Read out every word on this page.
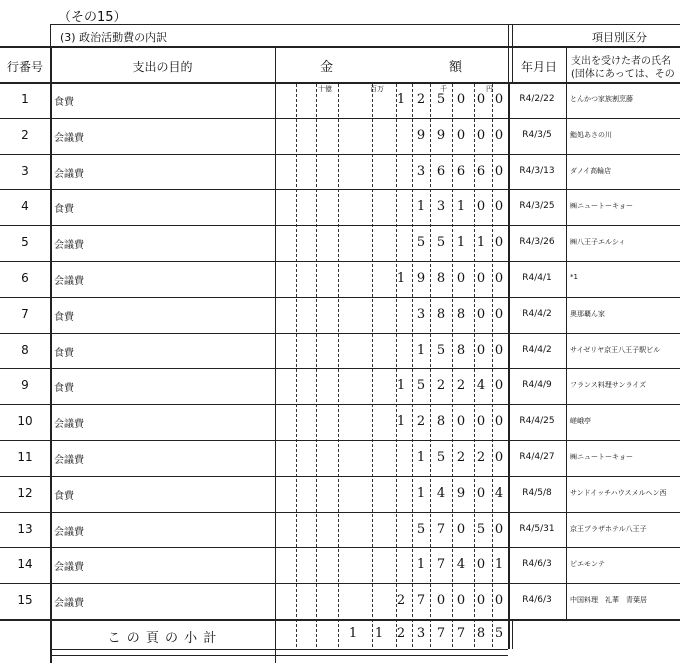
（その15）
(3) 政治活動費の内訳	項目別区分
行番号	支出の目的	金	額	年月日	支出を受けた者の氏名
(団体にあっては、その
十億	百万	千	円
1	食費	1 2 5 0 0 0	R4/2/22	とんかつ家族割烹藤
2	会議費	9 9 0 0 0	R4/3/5	鮨処あさの川
3	会議費	3 6 6 6 0	R4/3/13	ダノイ高輪店
4	食費	1 3 1 0 0	R4/3/25	㈱ニュートーキョー
5	会議費	5 5 1 1 0	R4/3/26	㈱八王子エルシィ
6	会議費	1 9 8 0 0 0	R4/4/1	*1
7	食費	3 8 8 0 0	R4/4/2	奥那覇ん家
8	食費	1 5 8 0 0	R4/4/2	サイゼリヤ京王八王子駅ビル
9	食費	1 5 2 2 4 0	R4/4/9	フランス料理サンライズ
10	会議費	1 2 8 0 0 0	R4/4/25	嵯峨亭
11	会議費	1 5 2 2 0	R4/4/27	㈱ニュートーキョー
12	食費	1 4 9 0 4	R4/5/8	サンドイッチハウスメルヘン西
13	会議費	5 7 0 5 0	R4/5/31	京王プラザホテル八王子
14	会議費	1 7 4 0 1	R4/6/3	ピエモンテ
15	会議費	2 7 0 0 0 0	R4/6/3	中国料理　礼華　青葉居
こ の 頁 の 小 計	1 1 2 3 7 7 8 5
